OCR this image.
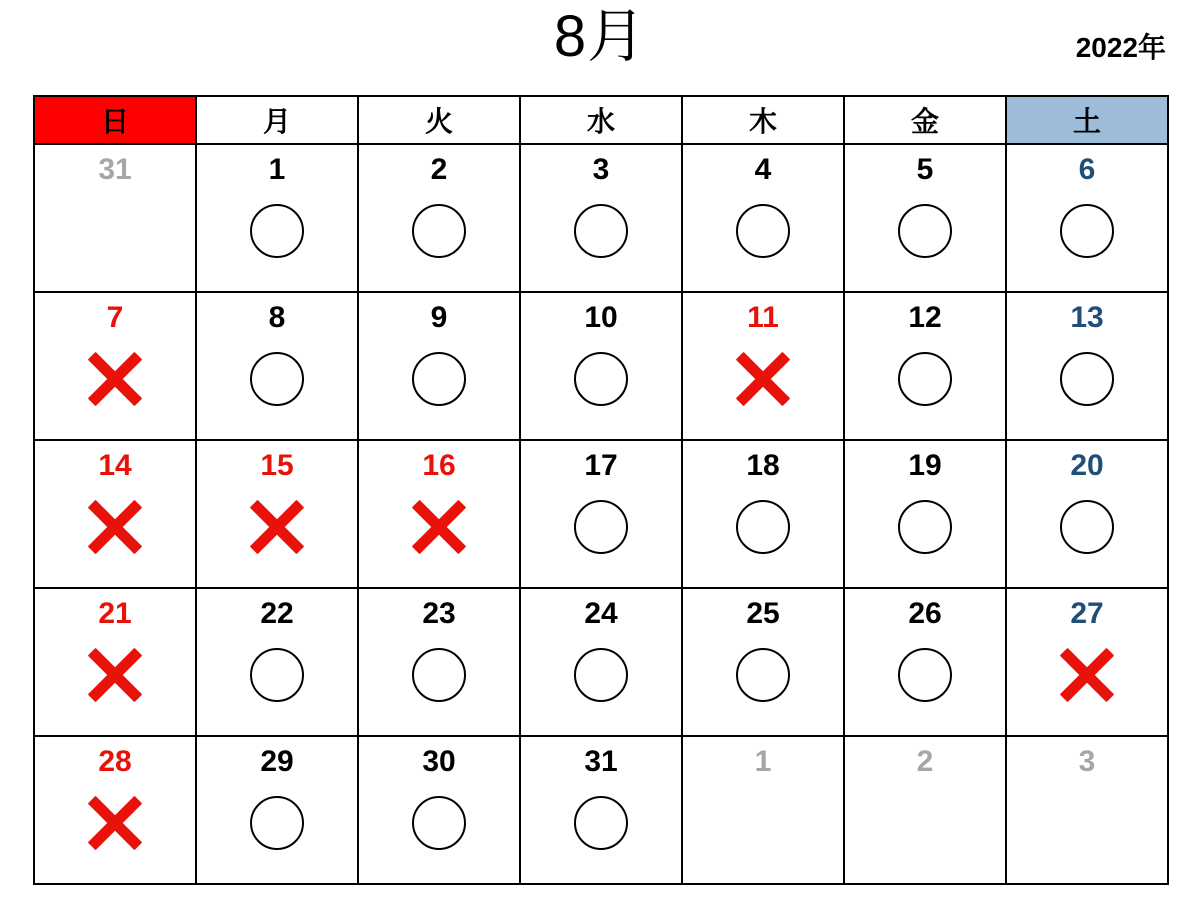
8月	2022年
日	月	火	水	木	金	土

31	1	2	3	4	5	6

7	8	9	10	11	12	13

14	15	16	17	18	19	20

21	22	23	24	25	26	27

28	29	30	31	1	2	3
